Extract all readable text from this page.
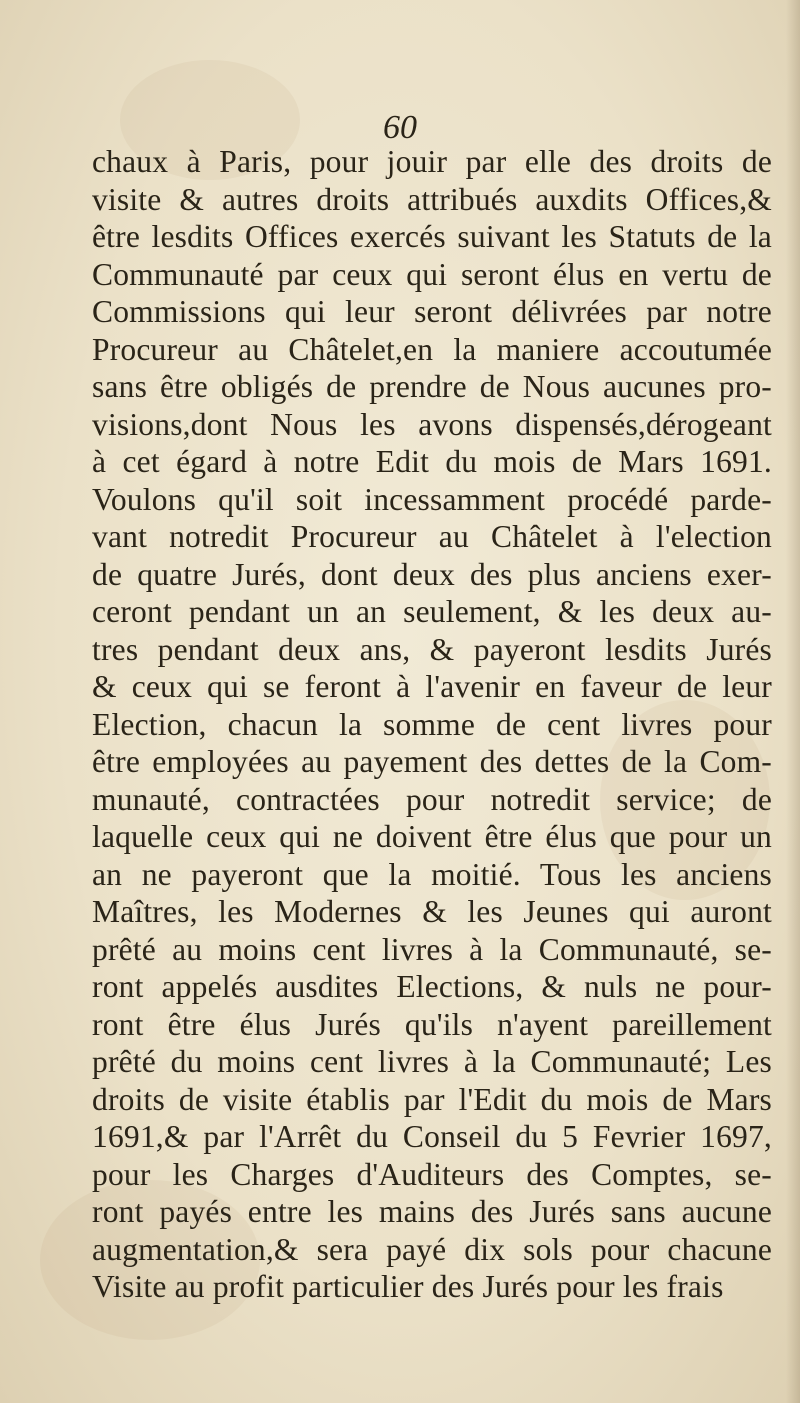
60
chaux à Paris, pour jouir par elle des droits de
visite & autres droits attribués auxdits Offices,&
être lesdits Offices exercés suivant les Statuts de la
Communauté par ceux qui seront élus en vertu de
Commissions qui leur seront délivrées par notre
Procureur au Châtelet,en la maniere accoutumée
sans être obligés de prendre de Nous aucunes pro-
visions,dont Nous les avons dispensés,dérogeant
à cet égard à notre Edit du mois de Mars 1691.
Voulons qu'il soit incessamment procédé parde-
vant notredit Procureur au Châtelet à l'election
de quatre Jurés, dont deux des plus anciens exer-
ceront pendant un an seulement, & les deux au-
tres pendant deux ans, & payeront lesdits Jurés
& ceux qui se feront à l'avenir en faveur de leur
Election, chacun la somme de cent livres pour
être employées au payement des dettes de la Com-
munauté, contractées pour notredit service; de
laquelle ceux qui ne doivent être élus que pour un
an ne payeront que la moitié. Tous les anciens
Maîtres, les Modernes & les Jeunes qui auront
prêté au moins cent livres à la Communauté, se-
ront appelés ausdites Elections, & nuls ne pour-
ront être élus Jurés qu'ils n'ayent pareillement
prêté du moins cent livres à la Communauté; Les
droits de visite établis par l'Edit du mois de Mars
1691,& par l'Arrêt du Conseil du 5 Fevrier 1697,
pour les Charges d'Auditeurs des Comptes, se-
ront payés entre les mains des Jurés sans aucune
augmentation,& sera payé dix sols pour chacune
Visite au profit particulier des Jurés pour les frais
